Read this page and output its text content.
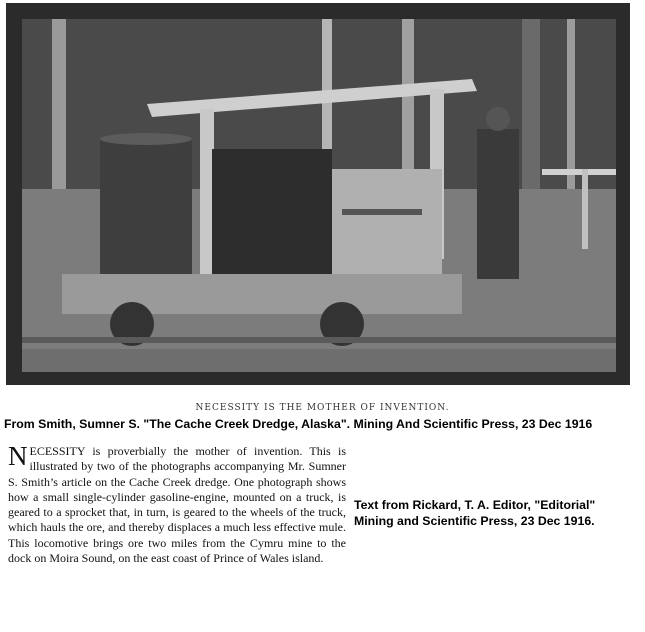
NECESSITY IS THE MOTHER OF INVENTION.
From Smith, Sumner S. "The Cache Creek Dredge, Alaska". Mining And Scientific Press, 23 Dec 1916
NECESSITY is proverbially the mother of invention. This is illustrated by two of the photographs accompanying Mr. Sumner S. Smith’s article on the Cache Creek dredge. One photograph shows how a small single-cylinder gasoline-engine, mounted on a truck, is geared to a sprocket that, in turn, is geared to the wheels of the truck, which hauls the ore, and thereby displaces a much less effective mule. This locomotive brings ore two miles from the Cymru mine to the dock on Moira Sound, on the east coast of Prince of Wales island.
Text from Rickard, T. A. Editor, "Editorial"
Mining and Scientific Press, 23 Dec 1916.
